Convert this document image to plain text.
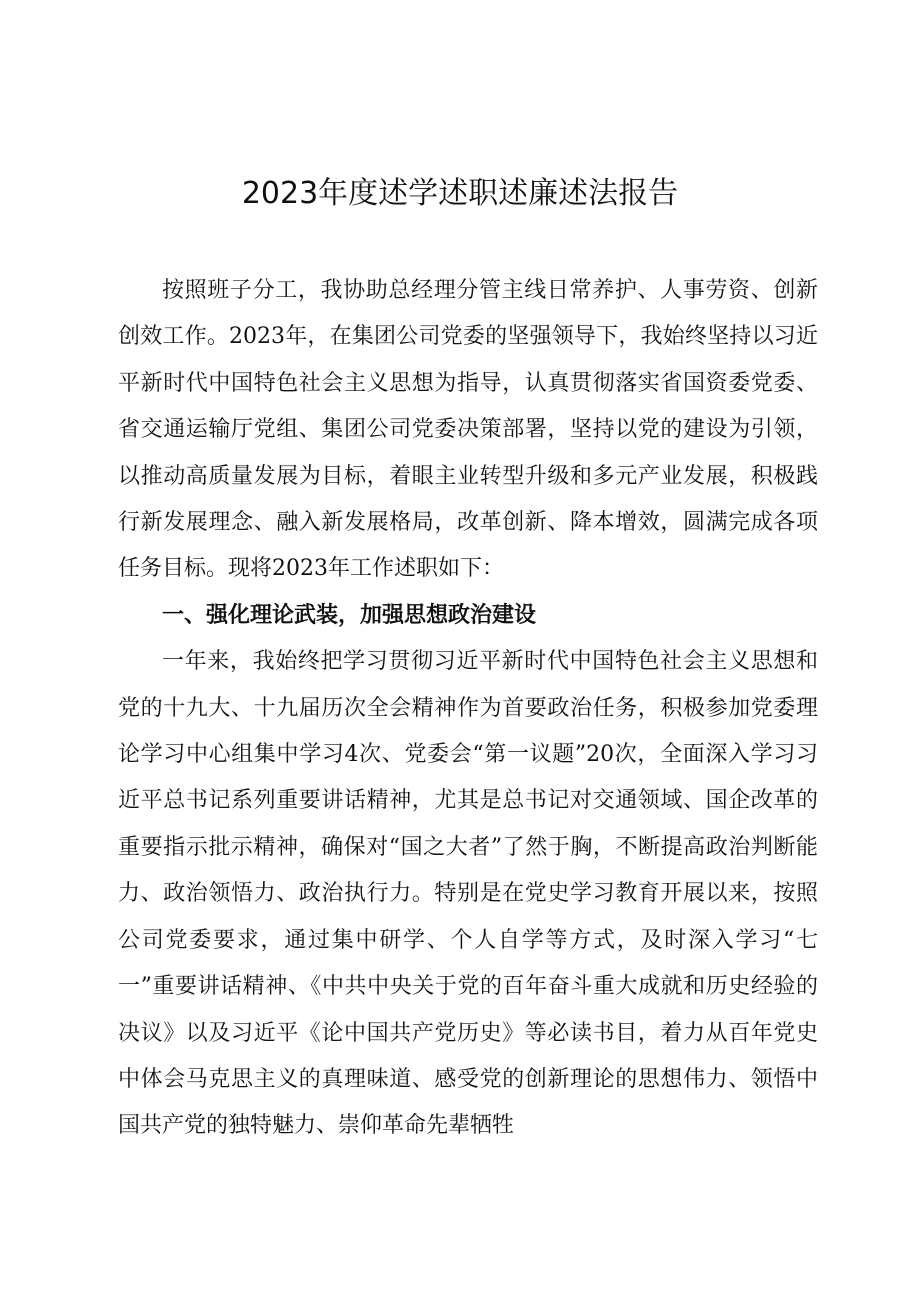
2023年度述学述职述廉述法报告

按照班子分工，我协助总经理分管主线日常养护、人事劳资、创新创效工作。2023年，在集团公司党委的坚强领导下，我始终坚持以习近平新时代中国特色社会主义思想为指导，认真贯彻落实省国资委党委、省交通运输厅党组、集团公司党委决策部署，坚持以党的建设为引领，以推动高质量发展为目标，着眼主业转型升级和多元产业发展，积极践行新发展理念、融入新发展格局，改革创新、降本增效，圆满完成各项任务目标。现将2023年工作述职如下：

一、强化理论武装，加强思想政治建设

一年来，我始终把学习贯彻习近平新时代中国特色社会主义思想和党的十九大、十九届历次全会精神作为首要政治任务，积极参加党委理论学习中心组集中学习4次、党委会“第一议题”20次，全面深入学习习近平总书记系列重要讲话精神，尤其是总书记对交通领域、国企改革的重要指示批示精神，确保对“国之大者”了然于胸，不断提高政治判断能力、政治领悟力、政治执行力。特别是在党史学习教育开展以来，按照公司党委要求，通过集中研学、个人自学等方式，及时深入学习“七一”重要讲话精神、《中共中央关于党的百年奋斗重大成就和历史经验的决议》以及习近平《论中国共产党历史》等必读书目，着力从百年党史中体会马克思主义的真理味道、感受党的创新理论的思想伟力、领悟中国共产党的独特魅力、崇仰革命先辈牺牲
